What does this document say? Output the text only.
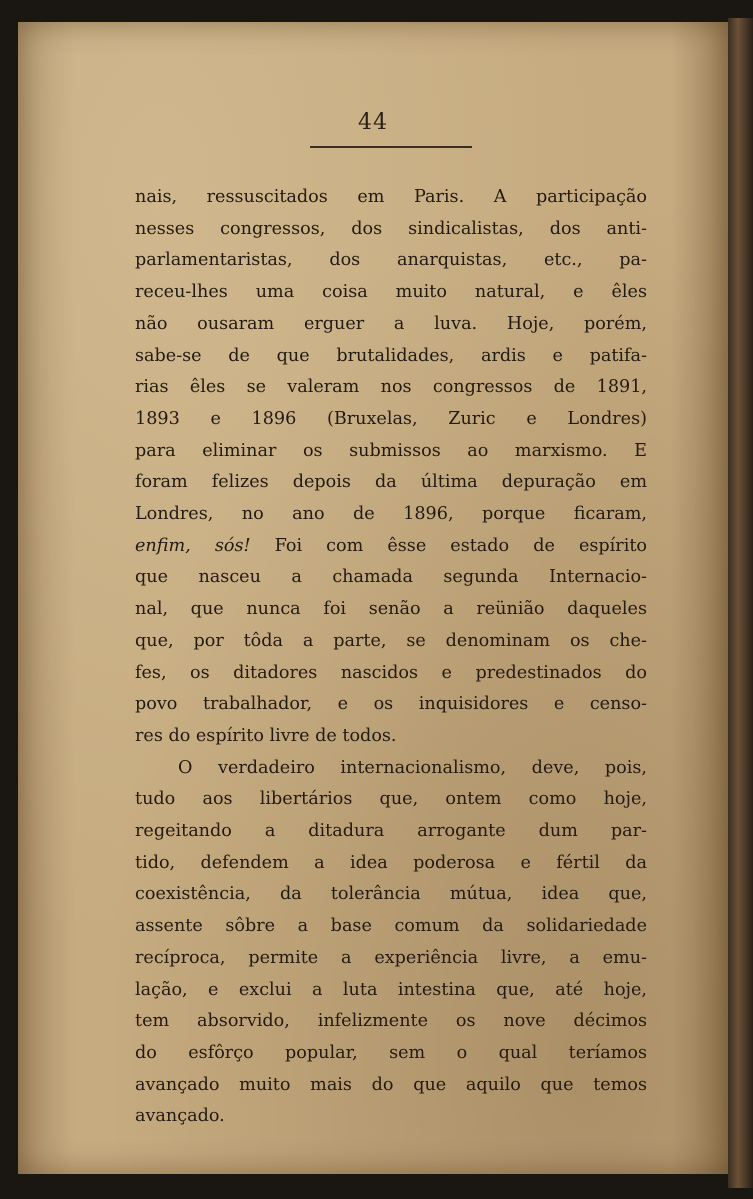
44
nais, ressuscitados em Paris. A participação
nesses congressos, dos sindicalistas, dos anti-
parlamentaristas, dos anarquistas, etc., pa-
receu-lhes uma coisa muito natural, e êles
não ousaram erguer a luva. Hoje, porém,
sabe-se de que brutalidades, ardis e patifa-
rias êles se valeram nos congressos de 1891,
1893 e 1896 (Bruxelas, Zuric e Londres)
para eliminar os submissos ao marxismo. E
foram felizes depois da última depuração em
Londres, no ano de 1896, porque ficaram,
enfim, sós! Foi com êsse estado de espírito
que nasceu a chamada segunda Internacio-
nal, que nunca foi senão a reünião daqueles
que, por tôda a parte, se denominam os che-
fes, os ditadores nascidos e predestinados do
povo trabalhador, e os inquisidores e censo-
res do espírito livre de todos.
O verdadeiro internacionalismo, deve, pois,
tudo aos libertários que, ontem como hoje,
regeitando a ditadura arrogante dum par-
tido, defendem a idea poderosa e fértil da
coexistência, da tolerância mútua, idea que,
assente sôbre a base comum da solidariedade
recíproca, permite a experiência livre, a emu-
lação, e exclui a luta intestina que, até hoje,
tem absorvido, infelizmente os nove décimos
do esfôrço popular, sem o qual teríamos
avançado muito mais do que aquilo que temos
avançado.
